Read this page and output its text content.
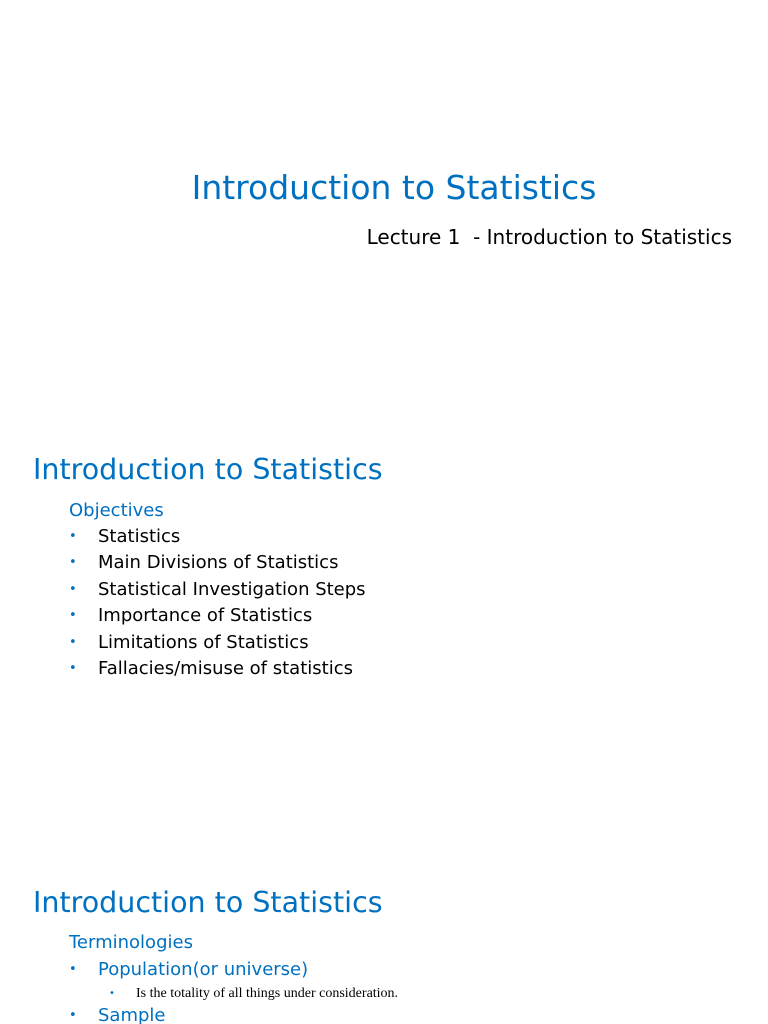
Introduction to Statistics
Lecture 1  - Introduction to Statistics
Introduction to Statistics
Objectives
• Statistics
• Main Divisions of Statistics
• Statistical Investigation Steps
• Importance of Statistics
• Limitations of Statistics
• Fallacies/misuse of statistics
Introduction to Statistics
Terminologies
• Population(or universe)
• Is the totality of all things under consideration.
• Sample
